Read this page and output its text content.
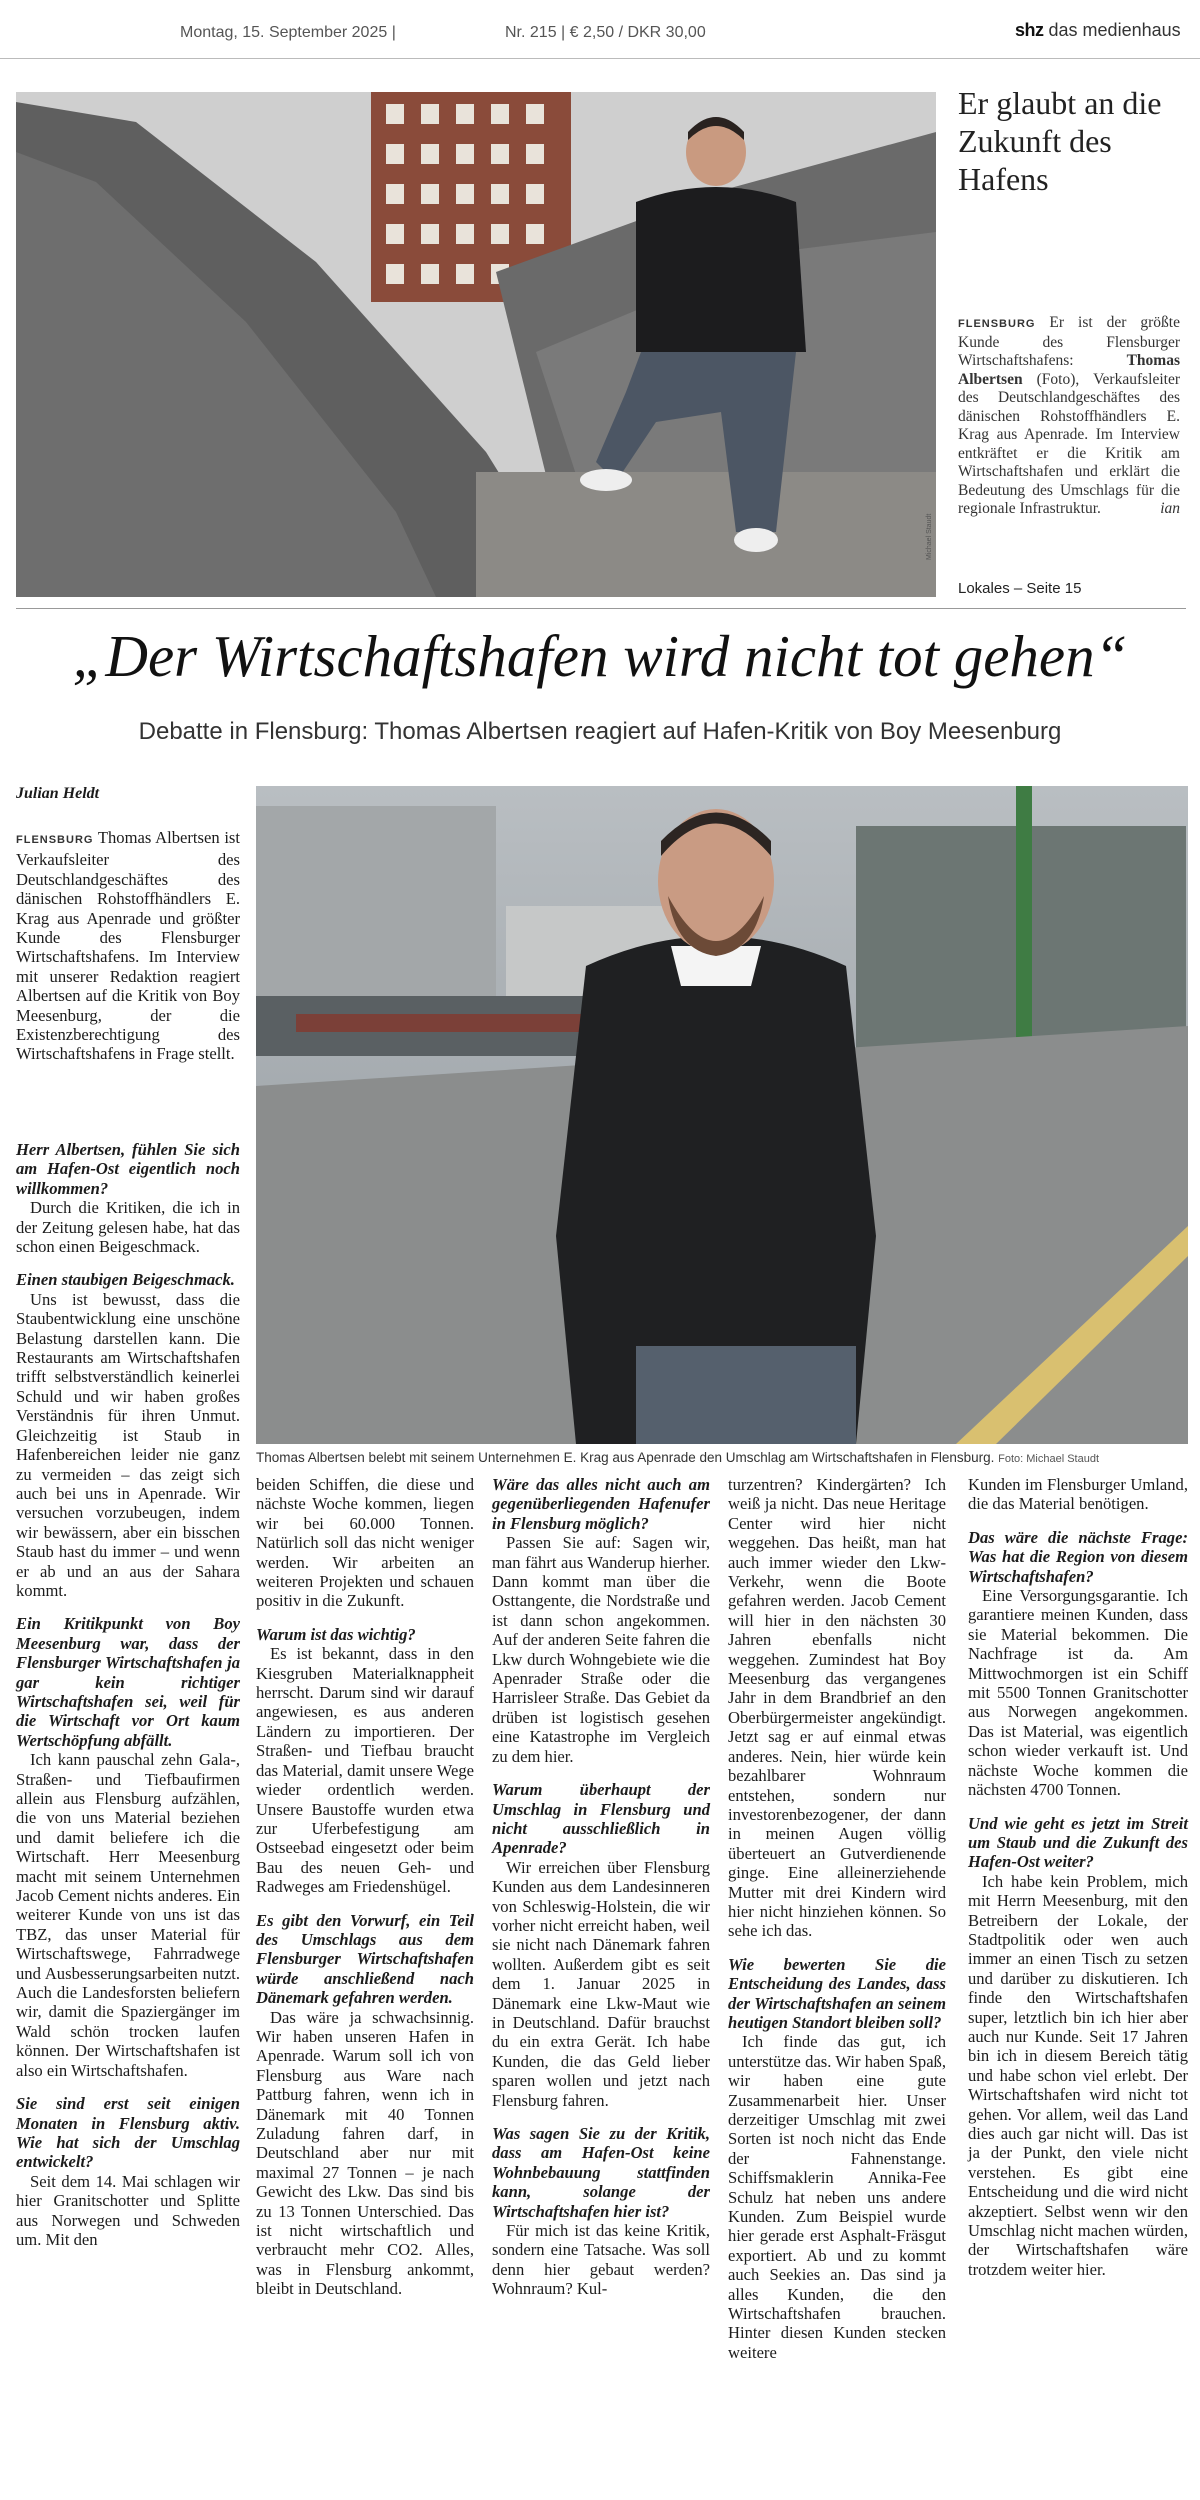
Montag, 15. September 2025 |	Nr. 215 | € 2,50 / DKR 30,00	shz das medienhaus
Michael Staudt
Er glaubt an die Zukunft des Hafens
FLENSBURG Er ist der größte Kunde des Flensburger Wirtschaftshafens: Thomas Albertsen (Foto), Verkaufsleiter des Deutschlandgeschäftes des dänischen Rohstoffhändlers E. Krag aus Apenrade. Im Interview entkräftet er die Kritik am Wirtschaftshafen und erklärt die Bedeutung des Umschlags für die regionale Infrastruktur.	ian
Lokales – Seite 15
„Der Wirtschaftshafen wird nicht tot gehen“
Debatte in Flensburg: Thomas Albertsen reagiert auf Hafen-Kritik von Boy Meesenburg
Julian Heldt

FLENSBURG Thomas Albertsen ist Verkaufsleiter des Deutschlandgeschäftes des dänischen Rohstoffhändlers E. Krag aus Apenrade und größter Kunde des Flensburger Wirtschaftshafens. Im Interview mit unserer Redaktion reagiert Albertsen auf die Kritik von Boy Meesenburg, der die Existenzberechtigung des Wirtschaftshafens in Frage stellt.

Thomas Albertsen belebt mit seinem Unternehmen E. Krag aus Apenrade den Umschlag am Wirtschaftshafen in Flensburg. Foto: Michael Staudt

Herr Albertsen, fühlen Sie sich am Hafen-Ost eigentlich noch willkommen?

Durch die Kritiken, die ich in der Zeitung gelesen habe, hat das schon einen Beigeschmack.

Einen staubigen Beigeschmack.

Uns ist bewusst, dass die Staubentwicklung eine unschöne Belastung darstellen kann. Die Restaurants am Wirtschaftshafen trifft selbstverständlich keinerlei Schuld und wir haben großes Verständnis für ihren Unmut. Gleichzeitig ist Staub in Hafenbereichen leider nie ganz zu vermeiden – das zeigt sich auch bei uns in Apenrade. Wir versuchen vorzubeugen, indem wir bewässern, aber ein bisschen Staub hast du immer – und wenn er ab und an aus der Sahara kommt.

Ein Kritikpunkt von Boy Meesenburg war, dass der Flensburger Wirtschaftshafen ja gar kein richtiger Wirtschaftshafen sei, weil für die Wirtschaft vor Ort kaum Wertschöpfung abfällt.

Ich kann pauschal zehn Gala-, Straßen- und Tiefbaufirmen allein aus Flensburg aufzählen, die von uns Material beziehen und damit beliefere ich die Wirtschaft. Herr Meesenburg macht mit seinem Unternehmen Jacob Cement nichts anderes. Ein weiterer Kunde von uns ist das TBZ, das unser Material für Wirtschaftswege, Fahrradwege und Ausbesserungsarbeiten nutzt. Auch die Landesforsten beliefern wir, damit die Spaziergänger im Wald schön trocken laufen können. Der Wirtschaftshafen ist also ein Wirtschaftshafen.

Sie sind erst seit einigen Monaten in Flensburg aktiv. Wie hat sich der Umschlag entwickelt?

Seit dem 14. Mai schlagen wir hier Granitschotter und Splitte aus Norwegen und Schweden um. Mit den

beiden Schiffen, die diese und nächste Woche kommen, liegen wir bei 60.000 Tonnen. Natürlich soll das nicht weniger werden. Wir arbeiten an weiteren Projekten und schauen positiv in die Zukunft.

Warum ist das wichtig?

Es ist bekannt, dass in den Kiesgruben Materialknappheit herrscht. Darum sind wir darauf angewiesen, es aus anderen Ländern zu importieren. Der Straßen- und Tiefbau braucht das Material, damit unsere Wege wieder ordentlich werden. Unsere Baustoffe wurden etwa zur Uferbefestigung am Ostseebad eingesetzt oder beim Bau des neuen Geh- und Radweges am Friedenshügel.

Es gibt den Vorwurf, ein Teil des Umschlags aus dem Flensburger Wirtschaftshafen würde anschließend nach Dänemark gefahren werden.

Das wäre ja schwachsinnig. Wir haben unseren Hafen in Apenrade. Warum soll ich von Flensburg aus Ware nach Pattburg fahren, wenn ich in Dänemark mit 40 Tonnen Zuladung fahren darf, in Deutschland aber nur mit maximal 27 Tonnen – je nach Gewicht des Lkw. Das sind bis zu 13 Tonnen Unterschied. Das ist nicht wirtschaftlich und verbraucht mehr CO2. Alles, was in Flensburg ankommt, bleibt in Deutschland.

Wäre das alles nicht auch am gegenüberliegenden Hafenufer in Flensburg möglich?

Passen Sie auf: Sagen wir, man fährt aus Wanderup hierher. Dann kommt man über die Osttangente, die Nordstraße und ist dann schon angekommen. Auf der anderen Seite fahren die Lkw durch Wohngebiete wie die Apenrader Straße oder die Harrisleer Straße. Das Gebiet da drüben ist logistisch gesehen eine Katastrophe im Vergleich zu dem hier.

Warum überhaupt der Umschlag in Flensburg und nicht ausschließlich in Apenrade?

Wir erreichen über Flensburg Kunden aus dem Landesinneren von Schleswig-Holstein, die wir vorher nicht erreicht haben, weil sie nicht nach Dänemark fahren wollten. Außerdem gibt es seit dem 1. Januar 2025 in Dänemark eine Lkw-Maut wie in Deutschland. Dafür brauchst du ein extra Gerät. Ich habe Kunden, die das Geld lieber sparen wollen und jetzt nach Flensburg fahren.

Was sagen Sie zu der Kritik, dass am Hafen-Ost keine Wohnbebauung stattfinden kann, solange der Wirtschaftshafen hier ist?

Für mich ist das keine Kritik, sondern eine Tatsache. Was soll denn hier gebaut werden? Wohnraum? Kul-

turzentren? Kindergärten? Ich weiß ja nicht. Das neue Heritage Center wird hier nicht weggehen. Das heißt, man hat auch immer wieder den Lkw-Verkehr, wenn die Boote gefahren werden. Jacob Cement will hier in den nächsten 30 Jahren ebenfalls nicht weggehen. Zumindest hat Boy Meesenburg das vergangenes Jahr in dem Brandbrief an den Oberbürgermeister angekündigt. Jetzt sag er auf einmal etwas anderes. Nein, hier würde kein bezahlbarer Wohnraum entstehen, sondern nur investorenbezogener, der dann in meinen Augen völlig überteuert an Gutverdienende ginge. Eine alleinerziehende Mutter mit drei Kindern wird hier nicht hinziehen können. So sehe ich das.

Wie bewerten Sie die Entscheidung des Landes, dass der Wirtschaftshafen an seinem heutigen Standort bleiben soll?

Ich finde das gut, ich unterstütze das. Wir haben Spaß, wir haben eine gute Zusammenarbeit hier. Unser derzeitiger Umschlag mit zwei Sorten ist noch nicht das Ende der Fahnenstange. Schiffsmaklerin Annika-Fee Schulz hat neben uns andere Kunden. Zum Beispiel wurde hier gerade erst Asphalt-Fräsgut exportiert. Ab und zu kommt auch Seekies an. Das sind ja alles Kunden, die den Wirtschaftshafen brauchen. Hinter diesen Kunden stecken weitere

Kunden im Flensburger Umland, die das Material benötigen.

Das wäre die nächste Frage: Was hat die Region von diesem Wirtschaftshafen?

Eine Versorgungsgarantie. Ich garantiere meinen Kunden, dass sie Material bekommen. Die Nachfrage ist da. Am Mittwochmorgen ist ein Schiff mit 5500 Tonnen Granitschotter aus Norwegen angekommen. Das ist Material, was eigentlich schon wieder verkauft ist. Und nächste Woche kommen die nächsten 4700 Tonnen.

Und wie geht es jetzt im Streit um Staub und die Zukunft des Hafen-Ost weiter?

Ich habe kein Problem, mich mit Herrn Meesenburg, mit den Betreibern der Lokale, der Stadtpolitik oder wen auch immer an einen Tisch zu setzen und darüber zu diskutieren. Ich finde den Wirtschaftshafen super, letztlich bin ich hier aber auch nur Kunde. Seit 17 Jahren bin ich in diesem Bereich tätig und habe schon viel erlebt. Der Wirtschaftshafen wird nicht tot gehen. Vor allem, weil das Land dies auch gar nicht will. Das ist ja der Punkt, den viele nicht verstehen. Es gibt eine Entscheidung und die wird nicht akzeptiert. Selbst wenn wir den Umschlag nicht machen würden, der Wirtschaftshafen wäre trotzdem weiter hier.
